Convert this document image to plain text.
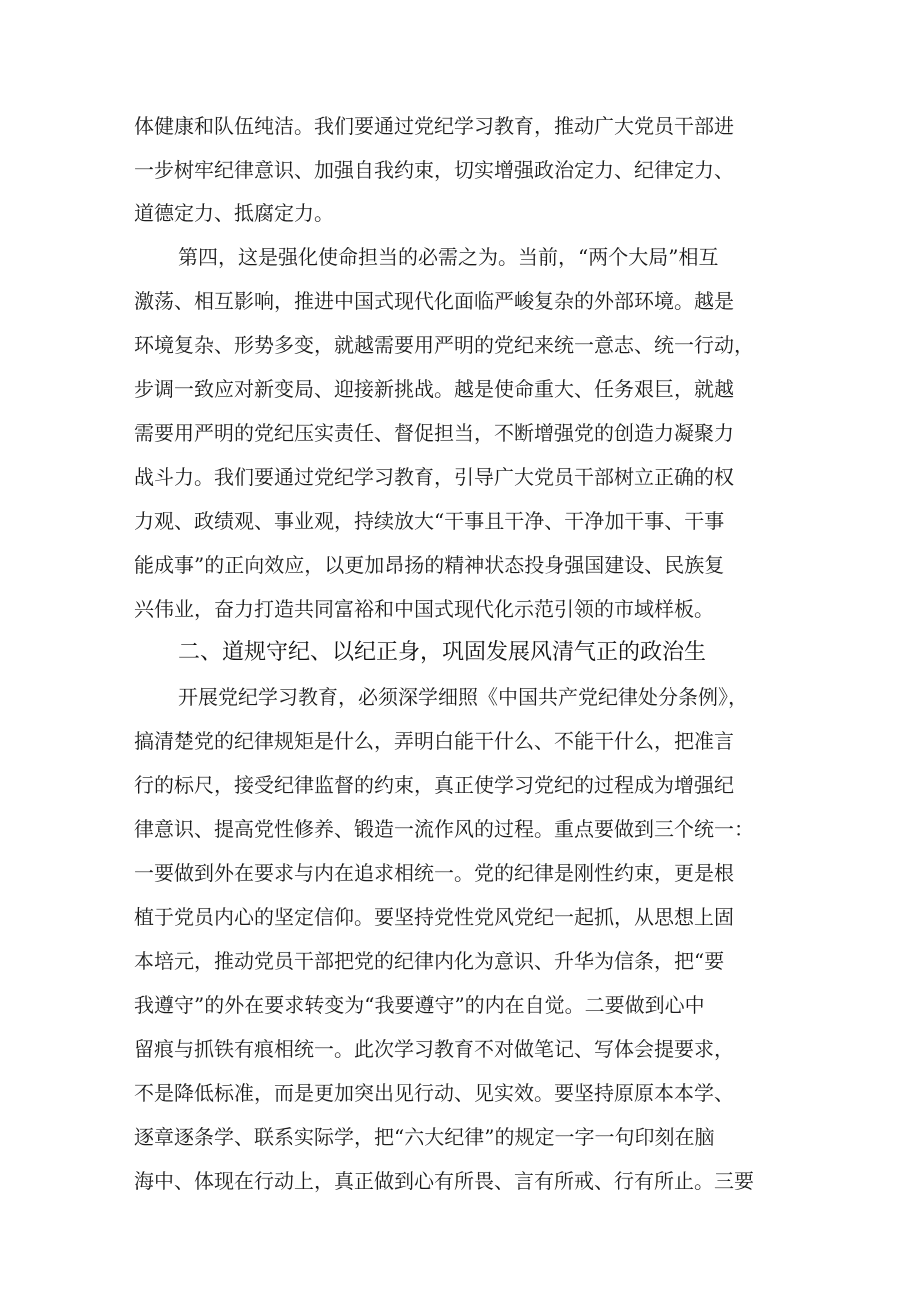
体健康和队伍纯洁。我们要通过党纪学习教育，推动广大党员干部进
一步树牢纪律意识、加强自我约束，切实增强政治定力、纪律定力、
道德定力、抵腐定力。
第四，这是强化使命担当的必需之为。当前，“两个大局”相互
激荡、相互影响，推进中国式现代化面临严峻复杂的外部环境。越是
环境复杂、形势多变，就越需要用严明的党纪来统一意志、统一行动，
步调一致应对新变局、迎接新挑战。越是使命重大、任务艰巨，就越
需要用严明的党纪压实责任、督促担当，不断增强党的创造力凝聚力
战斗力。我们要通过党纪学习教育，引导广大党员干部树立正确的权
力观、政绩观、事业观，持续放大“干事且干净、干净加干事、干事
能成事”的正向效应，以更加昂扬的精神状态投身强国建设、民族复
兴伟业，奋力打造共同富裕和中国式现代化示范引领的市域样板。
二、道规守纪、以纪正身，巩固发展风清气正的政治生
开展党纪学习教育，必须深学细照《中国共产党纪律处分条例》，
搞清楚党的纪律规矩是什么，弄明白能干什么、不能干什么，把准言
行的标尺，接受纪律监督的约束，真正使学习党纪的过程成为增强纪
律意识、提高党性修养、锻造一流作风的过程。重点要做到三个统一：
一要做到外在要求与内在追求相统一。党的纪律是刚性约束，更是根
植于党员内心的坚定信仰。要坚持党性党风党纪一起抓，从思想上固
本培元，推动党员干部把党的纪律内化为意识、升华为信条，把“要
我遵守”的外在要求转变为“我要遵守”的内在自觉。二要做到心中
留痕与抓铁有痕相统一。此次学习教育不对做笔记、写体会提要求，
不是降低标准，而是更加突出见行动、见实效。要坚持原原本本学、
逐章逐条学、联系实际学，把“六大纪律”的规定一字一句印刻在脑
海中、体现在行动上，真正做到心有所畏、言有所戒、行有所止。三要
